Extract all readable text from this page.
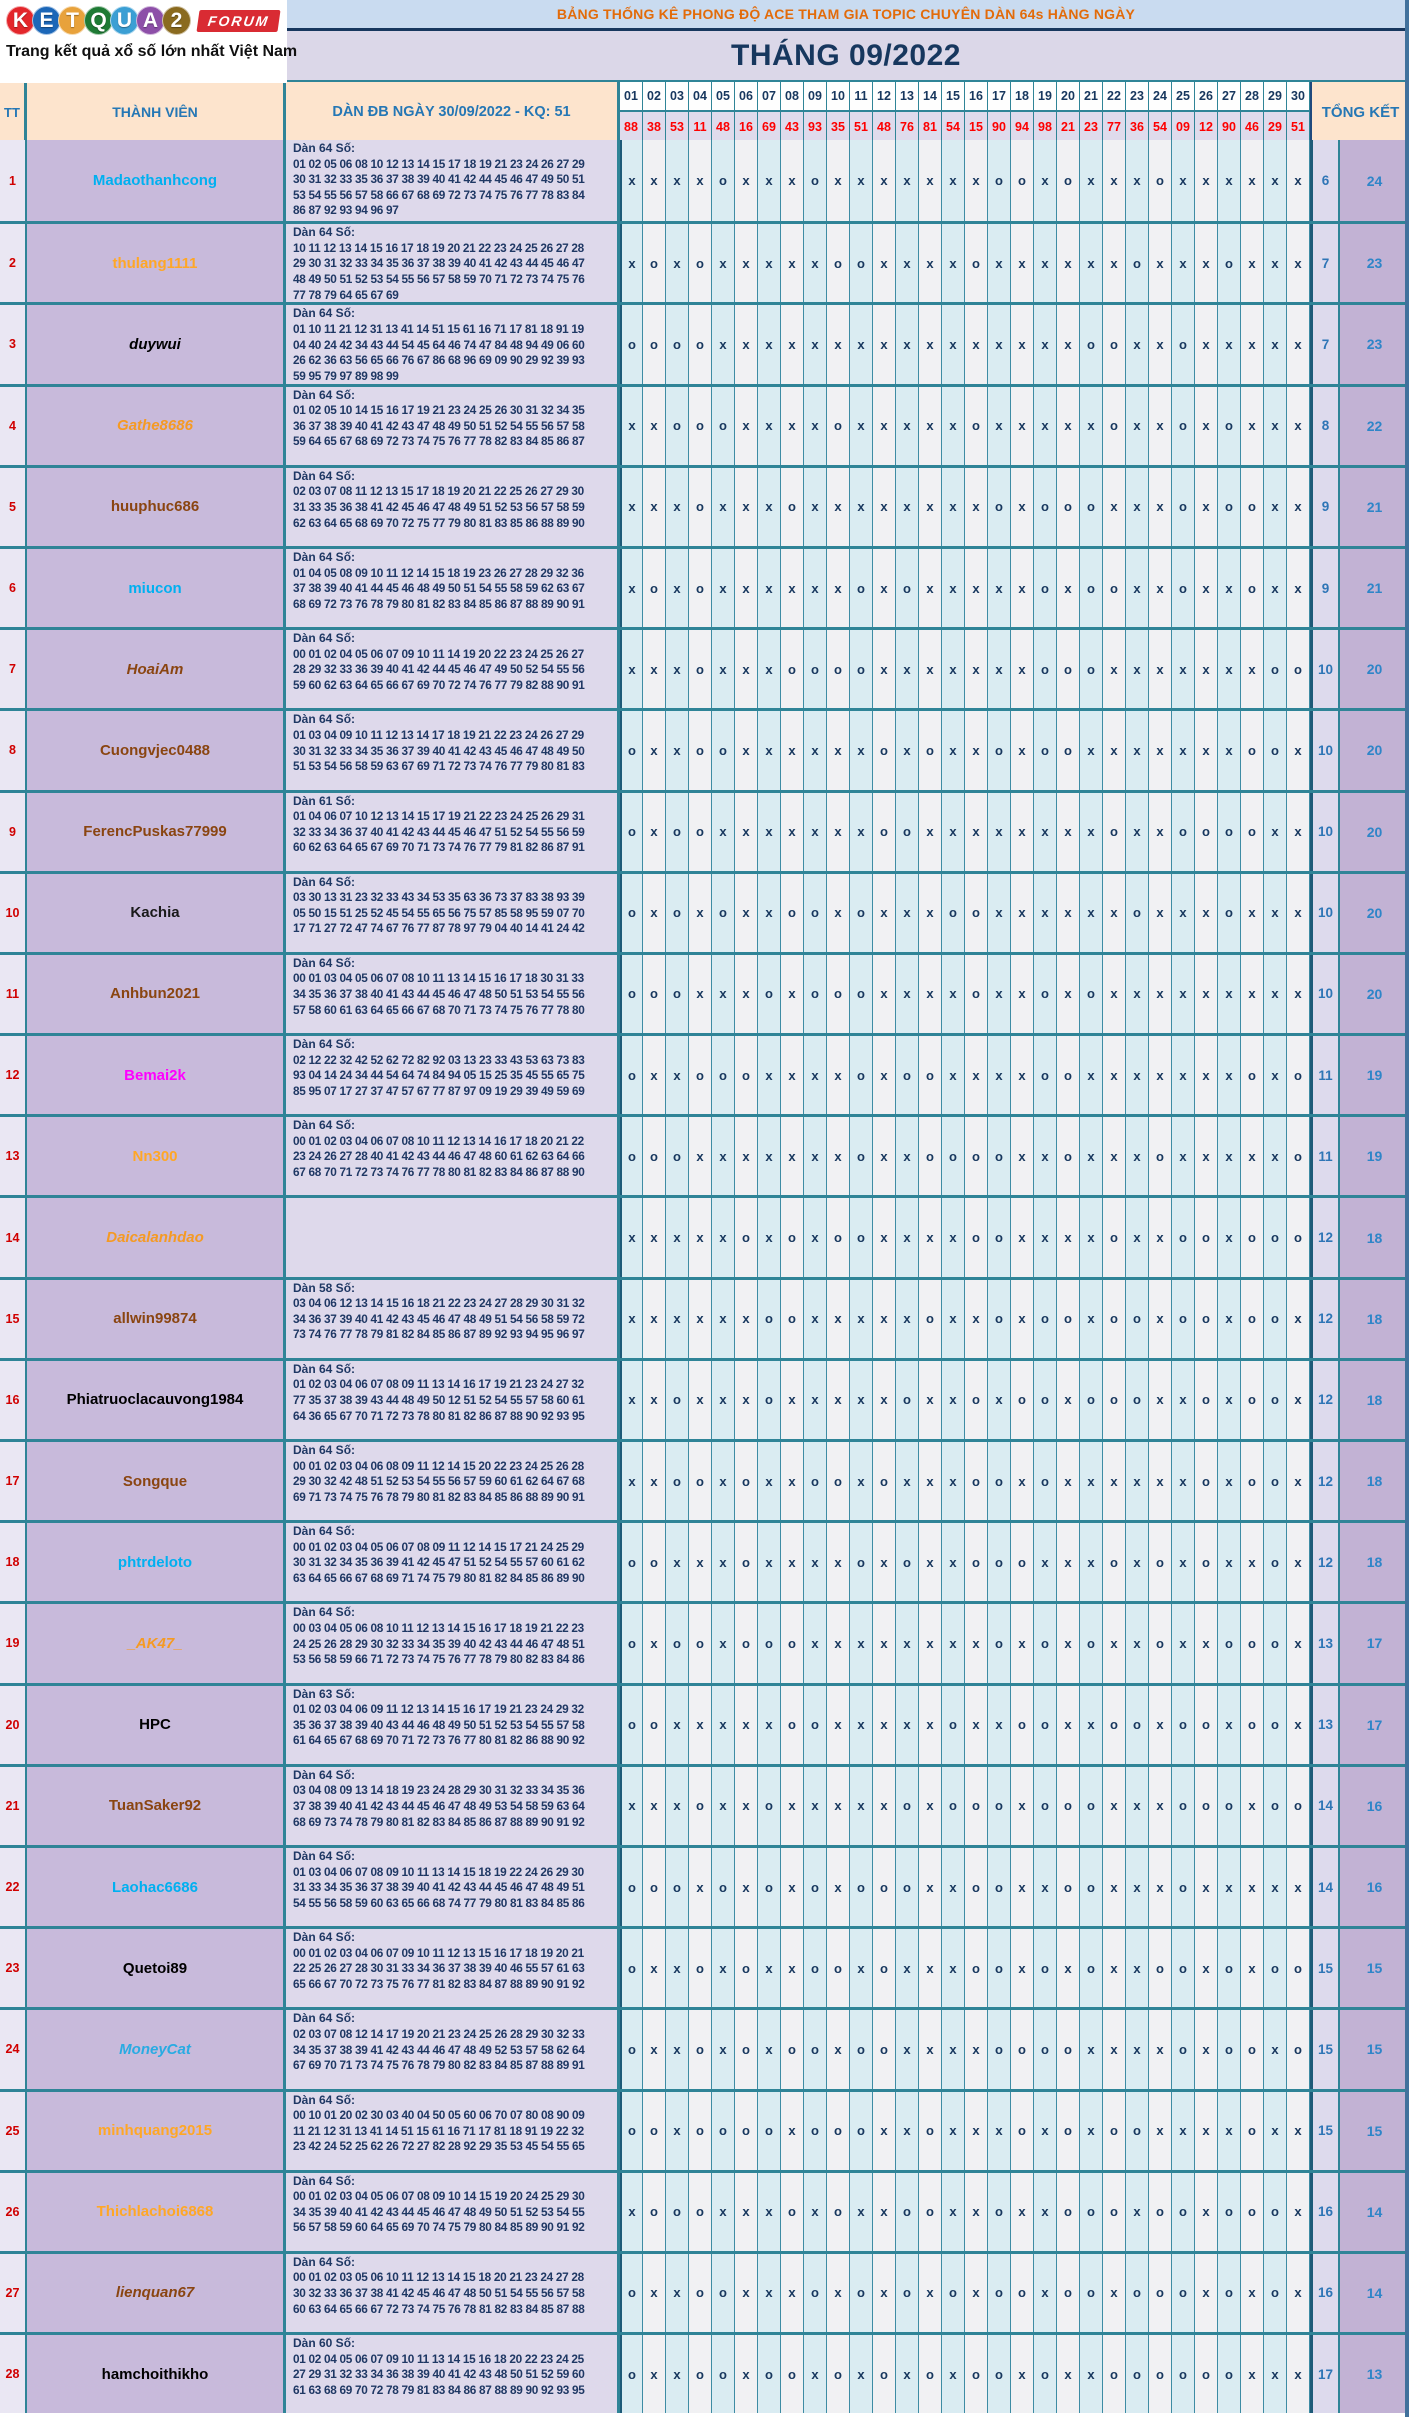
BẢNG THỐNG KÊ PHONG ĐỘ ACE THAM GIA TOPIC CHUYÊN DÀN 64s HÀNG NGÀY
THÁNG 09/2022
K E T Q U A 2	FORUM
Trang kết quả xổ số lớn nhất Việt Nam
TT	THÀNH VIÊN	DÀN ĐB NGÀY 30/09/2022 - KQ: 51
01 02 03 04 05 06 07 08 09 10 11 12 13 14 15 16 17 18 19 20 21 22 23 24 25 26 27 28 29 30
88 38 53 11 48 16 69 43 93 35 51 48 76 81 54 15 90 94 98 21 23 77 36 54 09 12 90 46 29 51
TỔNG KẾT
1	Madaothanhcong
Dàn 64 Số:
01 02 05 06 08 10 12 13 14 15 17 18 19 21 23 24 26 27 29
30 31 32 33 35 36 37 38 39 40 41 42 44 45 46 47 49 50 51
53 54 55 56 57 58 66 67 68 69 72 73 74 75 76 77 78 83 84
86 87 92 93 94 96 97
x	x	x	x	o	x	x	x	o	x	x	x	x	x	x	x	o	o	x	o	x	x	x	o	x	x	x	x	x	x	6	24
2	thulang1111
Dàn 64 Số:
10 11 12 13 14 15 16 17 18 19 20 21 22 23 24 25 26 27 28
29 30 31 32 33 34 35 36 37 38 39 40 41 42 43 44 45 46 47
48 49 50 51 52 53 54 55 56 57 58 59 70 71 72 73 74 75 76
77 78 79 64 65 67 69
x	o	x	o	x	x	x	x	x	o	o	x	x	x	x	o	x	x	x	x	x	x	o	x	x	x	o	x	x	x	7	23
3	duywui
Dàn 64 Số:
01 10 11 21 12 31 13 41 14 51 15 61 16 71 17 81 18 91 19
04 40 24 42 34 43 44 54 45 64 46 74 47 84 48 94 49 06 60
26 62 36 63 56 65 66 76 67 86 68 96 69 09 90 29 92 39 93
59 95 79 97 89 98 99
o	o	o	o	x	x	x	x	x	x	x	x	x	x	x	x	x	x	x	x	o	o	x	x	o	x	x	x	x	x	7	23
4	Gathe8686
Dàn 64 Số:
01 02 05 10 14 15 16 17 19 21 23 24 25 26 30 31 32 34 35
36 37 38 39 40 41 42 43 47 48 49 50 51 52 54 55 56 57 58
59 64 65 67 68 69 72 73 74 75 76 77 78 82 83 84 85 86 87
x	x	o	o	o	x	x	x	x	o	x	x	x	x	x	o	x	x	x	x	x	o	x	x	o	x	o	x	x	x	8	22
5	huuphuc686
Dàn 64 Số:
02 03 07 08 11 12 13 15 17 18 19 20 21 22 25 26 27 29 30
31 33 35 36 38 41 42 45 46 47 48 49 51 52 53 56 57 58 59
62 63 64 65 68 69 70 72 75 77 79 80 81 83 85 86 88 89 90
x	x	x	o	x	x	x	o	x	x	x	x	x	x	x	x	o	x	o	o	o	x	x	x	o	x	o	o	x	x	9	21
6	miucon
Dàn 64 Số:
01 04 05 08 09 10 11 12 14 15 18 19 23 26 27 28 29 32 36
37 38 39 40 41 44 45 46 48 49 50 51 54 55 58 59 62 63 67
68 69 72 73 76 78 79 80 81 82 83 84 85 86 87 88 89 90 91
x	o	x	o	x	x	x	x	x	x	o	x	o	x	x	x	x	x	o	x	o	o	x	x	o	x	x	o	x	x	9	21
7	HoaiAm
Dàn 64 Số:
00 01 02 04 05 06 07 09 10 11 14 19 20 22 23 24 25 26 27
28 29 32 33 36 39 40 41 42 44 45 46 47 49 50 52 54 55 56
59 60 62 63 64 65 66 67 69 70 72 74 76 77 79 82 88 90 91
x	x	x	o	x	x	x	o	o	o	o	x	x	x	x	x	x	x	o	o	o	x	x	x	x	x	x	x	o	o	10	20
8	Cuongvjec0488
Dàn 64 Số:
01 03 04 09 10 11 12 13 14 17 18 19 21 22 23 24 26 27 29
30 31 32 33 34 35 36 37 39 40 41 42 43 45 46 47 48 49 50
51 53 54 56 58 59 63 67 69 71 72 73 74 76 77 79 80 81 83
o	x	x	o	o	x	x	x	x	x	x	o	x	o	x	x	o	x	o	o	x	x	x	x	x	x	x	o	o	x	10	20
9	FerencPuskas77999
Dàn 61 Số:
01 04 06 07 10 12 13 14 15 17 19 21 22 23 24 25 26 29 31
32 33 34 36 37 40 41 42 43 44 45 46 47 51 52 54 55 56 59
60 62 63 64 65 67 69 70 71 73 74 76 77 79 81 82 86 87 91
o	x	o	o	x	x	x	x	x	x	x	o	o	x	x	x	x	x	x	x	x	o	x	x	o	o	o	o	x	x	10	20
10	Kachia
Dàn 64 Số:
03 30 13 31 23 32 33 43 34 53 35 63 36 73 37 83 38 93 39
05 50 15 51 25 52 45 54 55 65 56 75 57 85 58 95 59 07 70
17 71 27 72 47 74 67 76 77 87 78 97 79 04 40 14 41 24 42
o	x	o	x	o	x	x	o	o	x	o	x	x	x	o	o	x	x	x	x	x	x	o	x	x	x	o	x	x	x	10	20
11	Anhbun2021
Dàn 64 Số:
00 01 03 04 05 06 07 08 10 11 13 14 15 16 17 18 30 31 33
34 35 36 37 38 40 41 43 44 45 46 47 48 50 51 53 54 55 56
57 58 60 61 63 64 65 66 67 68 70 71 73 74 75 76 77 78 80
o	o	o	x	x	x	o	x	o	o	o	x	x	x	x	o	x	x	o	x	o	x	x	x	x	x	x	x	x	x	10	20
12	Bemai2k
Dàn 64 Số:
02 12 22 32 42 52 62 72 82 92 03 13 23 33 43 53 63 73 83
93 04 14 24 34 44 54 64 74 84 94 05 15 25 35 45 55 65 75
85 95 07 17 27 37 47 57 67 77 87 97 09 19 29 39 49 59 69
o	x	x	o	o	o	x	x	x	x	o	x	o	o	x	x	x	x	o	o	x	x	x	x	x	x	x	o	x	o	11	19
13	Nn300
Dàn 64 Số:
00 01 02 03 04 06 07 08 10 11 12 13 14 16 17 18 20 21 22
23 24 26 27 28 40 41 42 43 44 46 47 48 60 61 62 63 64 66
67 68 70 71 72 73 74 76 77 78 80 81 82 83 84 86 87 88 90
o	o	o	x	x	x	x	x	x	x	o	x	x	o	o	o	o	x	x	o	x	x	x	o	x	x	x	x	x	o	11	19
14	Daicalanhdao	x	x	x	x	x	o	x	o	x	o	o	x	x	x	x	o	o	x	x	x	x	o	x	x	o	o	x	o	o	o	12	18
15	allwin99874
Dàn 58 Số:
03 04 06 12 13 14 15 16 18 21 22 23 24 27 28 29 30 31 32
34 36 37 39 40 41 42 43 45 46 47 48 49 51 54 56 58 59 72
73 74 76 77 78 79 81 82 84 85 86 87 89 92 93 94 95 96 97
x	x	x	x	x	x	o	o	x	x	x	x	x	o	x	x	o	x	o	o	x	o	o	x	o	o	x	o	o	x	12	18
16	Phiatruoclacauvong1984
Dàn 64 Số:
01 02 03 04 06 07 08 09 11 13 14 16 17 19 21 23 24 27 32
77 35 37 38 39 43 44 48 49 50 12 51 52 54 55 57 58 60 61
64 36 65 67 70 71 72 73 78 80 81 82 86 87 88 90 92 93 95
x	x	o	x	x	x	o	x	x	x	x	x	o	x	x	o	x	o	o	x	o	o	o	x	x	o	x	o	o	x	12	18
17	Songque
Dàn 64 Số:
00 01 02 03 04 06 08 09 11 12 14 15 20 22 23 24 25 26 28
29 30 32 42 48 51 52 53 54 55 56 57 59 60 61 62 64 67 68
69 71 73 74 75 76 78 79 80 81 82 83 84 85 86 88 89 90 91
x	x	o	o	x	o	x	x	o	o	x	o	x	x	x	o	o	x	o	x	x	x	x	x	x	o	x	o	o	x	12	18
18	phtrdeloto
Dàn 64 Số:
00 01 02 03 04 05 06 07 08 09 11 12 14 15 17 21 24 25 29
30 31 32 34 35 36 39 41 42 45 47 51 52 54 55 57 60 61 62
63 64 65 66 67 68 69 71 74 75 79 80 81 82 84 85 86 89 90
o	o	x	x	x	o	x	x	x	x	o	x	o	x	x	o	o	o	x	x	x	o	x	o	x	o	x	x	o	x	12	18
19	_AK47_
Dàn 64 Số:
00 03 04 05 06 08 10 11 12 13 14 15 16 17 18 19 21 22 23
24 25 26 28 29 30 32 33 34 35 39 40 42 43 44 46 47 48 51
53 56 58 59 66 71 72 73 74 75 76 77 78 79 80 82 83 84 86
o	x	o	o	x	o	o	o	x	x	x	x	x	x	x	x	o	x	o	x	o	x	x	o	x	x	o	o	o	x	13	17
20	HPC
Dàn 63 Số:
01 02 03 04 06 09 11 12 13 14 15 16 17 19 21 23 24 29 32
35 36 37 38 39 40 43 44 46 48 49 50 51 52 53 54 55 57 58
61 64 65 67 68 69 70 71 72 73 76 77 80 81 82 86 88 90 92
o	o	x	x	x	x	x	o	o	x	x	x	x	x	o	x	x	o	o	x	x	o	o	x	o	o	x	o	o	x	13	17
21	TuanSaker92
Dàn 64 Số:
03 04 08 09 13 14 18 19 23 24 28 29 30 31 32 33 34 35 36
37 38 39 40 41 42 43 44 45 46 47 48 49 53 54 58 59 63 64
68 69 73 74 78 79 80 81 82 83 84 85 86 87 88 89 90 91 92
x	x	x	o	x	x	o	x	x	x	x	x	o	x	o	o	o	x	o	o	o	x	x	x	o	o	o	x	o	o	14	16
22	Laohac6686
Dàn 64 Số:
01 03 04 06 07 08 09 10 11 13 14 15 18 19 22 24 26 29 30
31 33 34 35 36 37 38 39 40 41 42 43 44 45 46 47 48 49 51
54 55 56 58 59 60 63 65 66 68 74 77 79 80 81 83 84 85 86
o	o	o	x	o	x	o	x	o	x	o	o	o	x	x	o	o	x	x	o	o	x	x	x	o	x	x	x	x	x	14	16
23	Quetoi89
Dàn 64 Số:
00 01 02 03 04 06 07 09 10 11 12 13 15 16 17 18 19 20 21
22 25 26 27 28 30 31 33 34 36 37 38 39 40 46 55 57 61 63
65 66 67 70 72 73 75 76 77 81 82 83 84 87 88 89 90 91 92
o	x	x	o	x	o	x	x	o	o	x	o	x	x	x	o	o	x	o	x	o	x	x	o	o	x	o	x	o	o	15	15
24	MoneyCat
Dàn 64 Số:
02 03 07 08 12 14 17 19 20 21 23 24 25 26 28 29 30 32 33
34 35 37 38 39 41 42 43 44 46 47 48 49 52 53 57 58 62 64
67 69 70 71 73 74 75 76 78 79 80 82 83 84 85 87 88 89 91
o	x	x	o	x	o	x	o	o	x	o	o	x	x	x	x	o	o	o	o	x	x	x	x	o	x	o	o	x	o	15	15
25	minhquang2015
Dàn 64 Số:
00 10 01 20 02 30 03 40 04 50 05 60 06 70 07 80 08 90 09
11 21 12 31 13 41 14 51 15 61 16 71 17 81 18 91 19 22 32
23 42 24 52 25 62 26 72 27 82 28 92 29 35 53 45 54 55 65
o	o	x	o	o	o	o	x	o	o	o	x	x	o	x	x	x	o	x	o	x	o	o	x	x	x	x	o	x	x	15	15
26	Thichlachoi6868
Dàn 64 Số:
00 01 02 03 04 05 06 07 08 09 10 14 15 19 20 24 25 29 30
34 35 39 40 41 42 43 44 45 46 47 48 49 50 51 52 53 54 55
56 57 58 59 60 64 65 69 70 74 75 79 80 84 85 89 90 91 92
x	o	o	o	x	x	x	o	x	o	x	x	o	o	x	x	o	x	x	o	o	o	x	o	o	x	o	o	o	x	16	14
27	lienquan67
Dàn 64 Số:
00 01 02 03 05 06 10 11 12 13 14 15 18 20 21 23 24 27 28
30 32 33 36 37 38 41 42 45 46 47 48 50 51 54 55 56 57 58
60 63 64 65 66 67 72 73 74 75 76 78 81 82 83 84 85 87 88
o	x	x	o	o	x	x	x	o	x	o	x	o	x	o	x	o	o	x	o	o	x	o	o	o	x	o	x	o	x	16	14
28	hamchoithikho
Dàn 60 Số:
01 02 04 05 06 07 09 10 11 13 14 15 16 18 20 22 23 24 25
27 29 31 32 33 34 36 38 39 40 41 42 43 48 50 51 52 59 60
61 63 68 69 70 72 78 79 81 83 84 86 87 88 89 90 92 93 95
o	x	x	o	o	x	o	o	x	o	x	o	x	o	x	o	o	x	o	x	x	o	o	o	o	o	o	x	x	x	17	13
